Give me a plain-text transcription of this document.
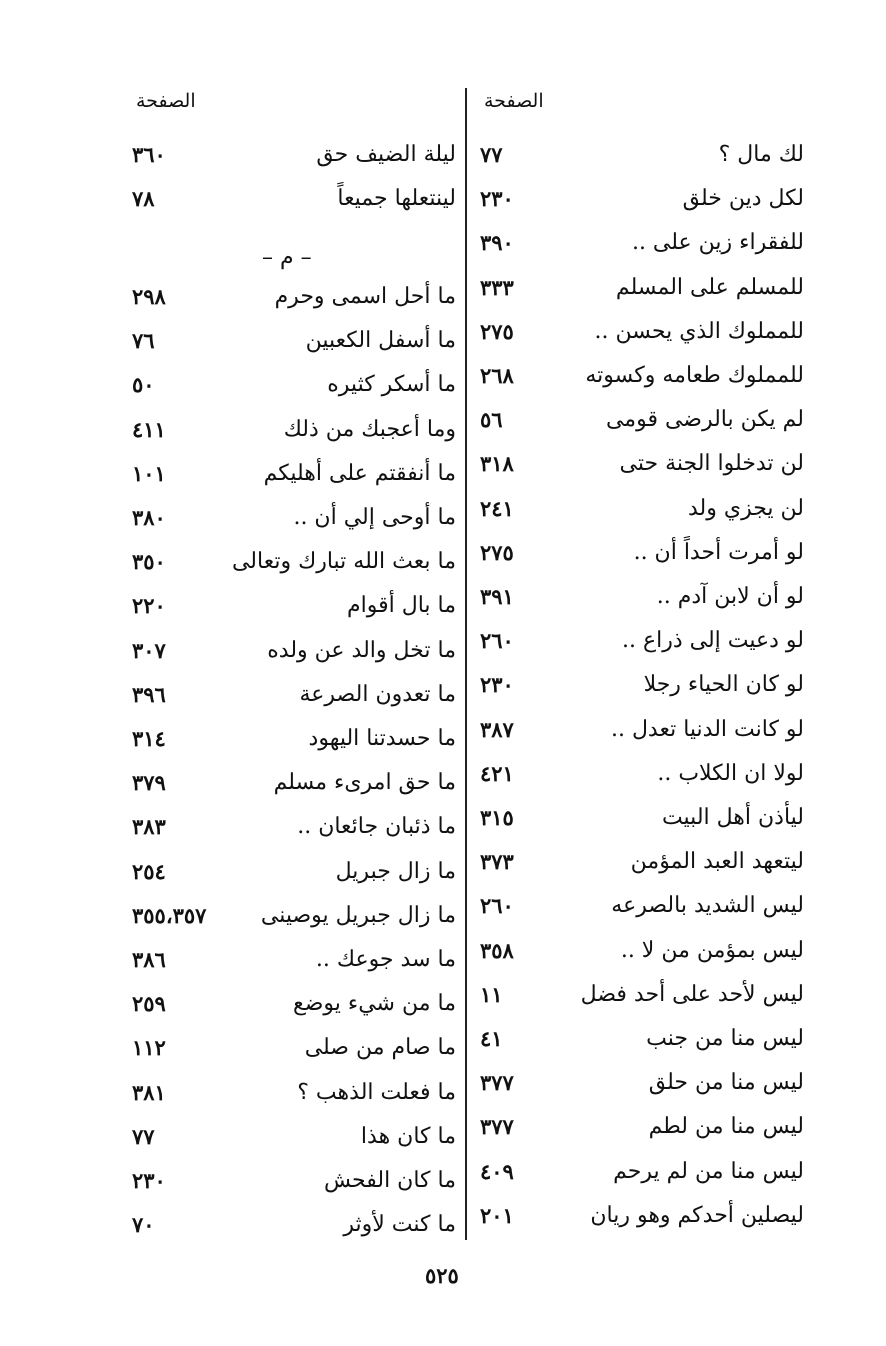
الصفحة
الصفحة
لك مال ؟
٧٧
لكل دين خلق
٢٣٠
للفقراء زين على ..
٣٩٠
للمسلم على المسلم
٣٣٣
للمملوك الذي يحسن ..
٢٧٥
للمملوك طعامه وكسوته
٢٦٨
لم يكن بالرضى قومى
٥٦
لن تدخلوا الجنة حتى
٣١٨
لن يجزي ولد
٢٤١
لو أمرت أحداً أن ..
٢٧٥
لو أن لابن آدم ..
٣٩١
لو دعيت إلى ذراع ..
٢٦٠
لو كان الحياء رجلا
٢٣٠
لو كانت الدنيا تعدل ..
٣٨٧
لولا ان الكلاب ..
٤٢١
ليأذن أهل البيت
٣١٥
ليتعهد العبد المؤمن
٣٧٣
ليس الشديد بالصرعه
٢٦٠
ليس بمؤمن من لا ..
٣٥٨
ليس لأحد على أحد فضل
١١
ليس منا من جنب
٤١
ليس منا من حلق
٣٧٧
ليس منا من لطم
٣٧٧
ليس منا من لم يرحم
٤٠٩
ليصلين أحدكم وهو ريان
٢٠١
ليلة الضيف حق
٣٦٠
لينتعلها جميعاً
٧٨
ما أحل اسمى وحرم
٢٩٨
ما أسفل الكعبين
٧٦
ما أسكر كثيره
٥٠
وما أعجبك من ذلك
٤١١
ما أنفقتم على أهليكم
١٠١
ما أوحى إلي أن ..
٣٨٠
ما بعث الله تبارك وتعالى
٣٥٠
ما بال أقوام
٢٢٠
ما تخل والد عن ولده
٣٠٧
ما تعدون الصرعة
٣٩٦
ما حسدتنا اليهود
٣١٤
ما حق امرىء مسلم
٣٧٩
ما ذئبان جائعان ..
٣٨٣
ما زال جبريل
٢٥٤
ما زال جبريل يوصينى
٣٥٥،٣٥٧
ما سد جوعك ..
٣٨٦
ما من شيء يوضع
٢٥٩
ما صام من صلى
١١٢
ما فعلت الذهب ؟
٣٨١
ما كان هذا
٧٧
ما كان الفحش
٢٣٠
ما كنت لأوثر
٧٠
– م –
٥٢٥
